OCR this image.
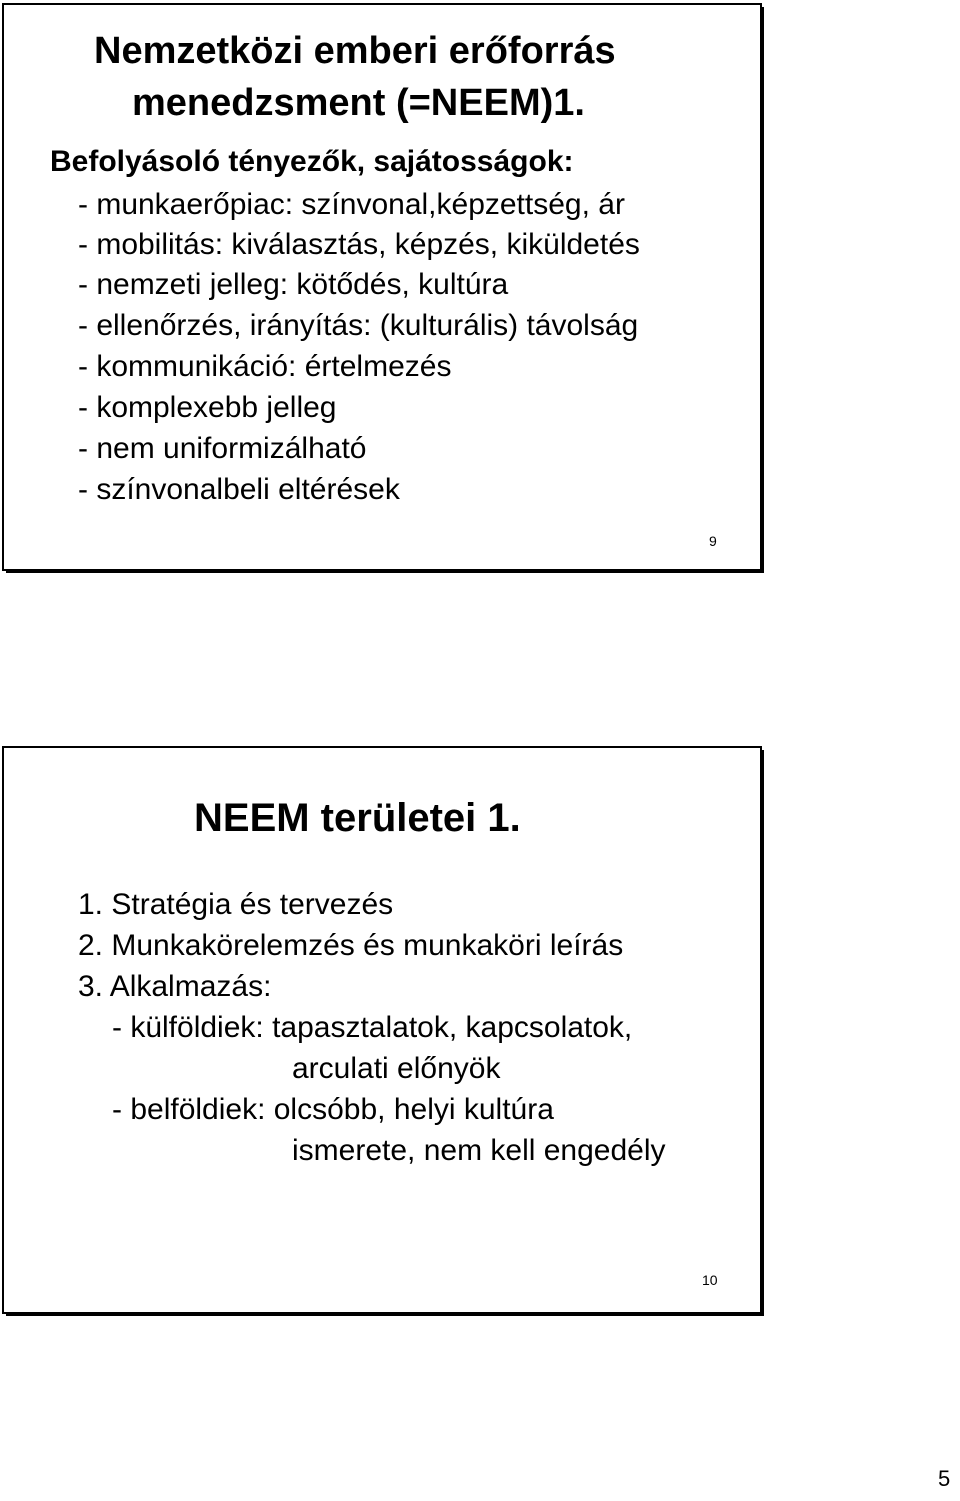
Nemzetközi emberi erőforrás
menedzsment (=NEEM)1.
Befolyásoló tényezők, sajátosságok:
- munkaerőpiac: színvonal,képzettség, ár
- mobilitás: kiválasztás, képzés, kiküldetés
- nemzeti jelleg: kötődés, kultúra
- ellenőrzés, irányítás: (kulturális) távolság
- kommunikáció: értelmezés
- komplexebb jelleg
- nem uniformizálható
- színvonalbeli eltérések
9
NEEM területei 1.
1. Stratégia és tervezés
2. Munkakörelemzés és munkaköri leírás
3. Alkalmazás:
- külföldiek: tapasztalatok, kapcsolatok,
arculati előnyök
- belföldiek: olcsóbb, helyi kultúra
ismerete, nem kell engedély
10
5
